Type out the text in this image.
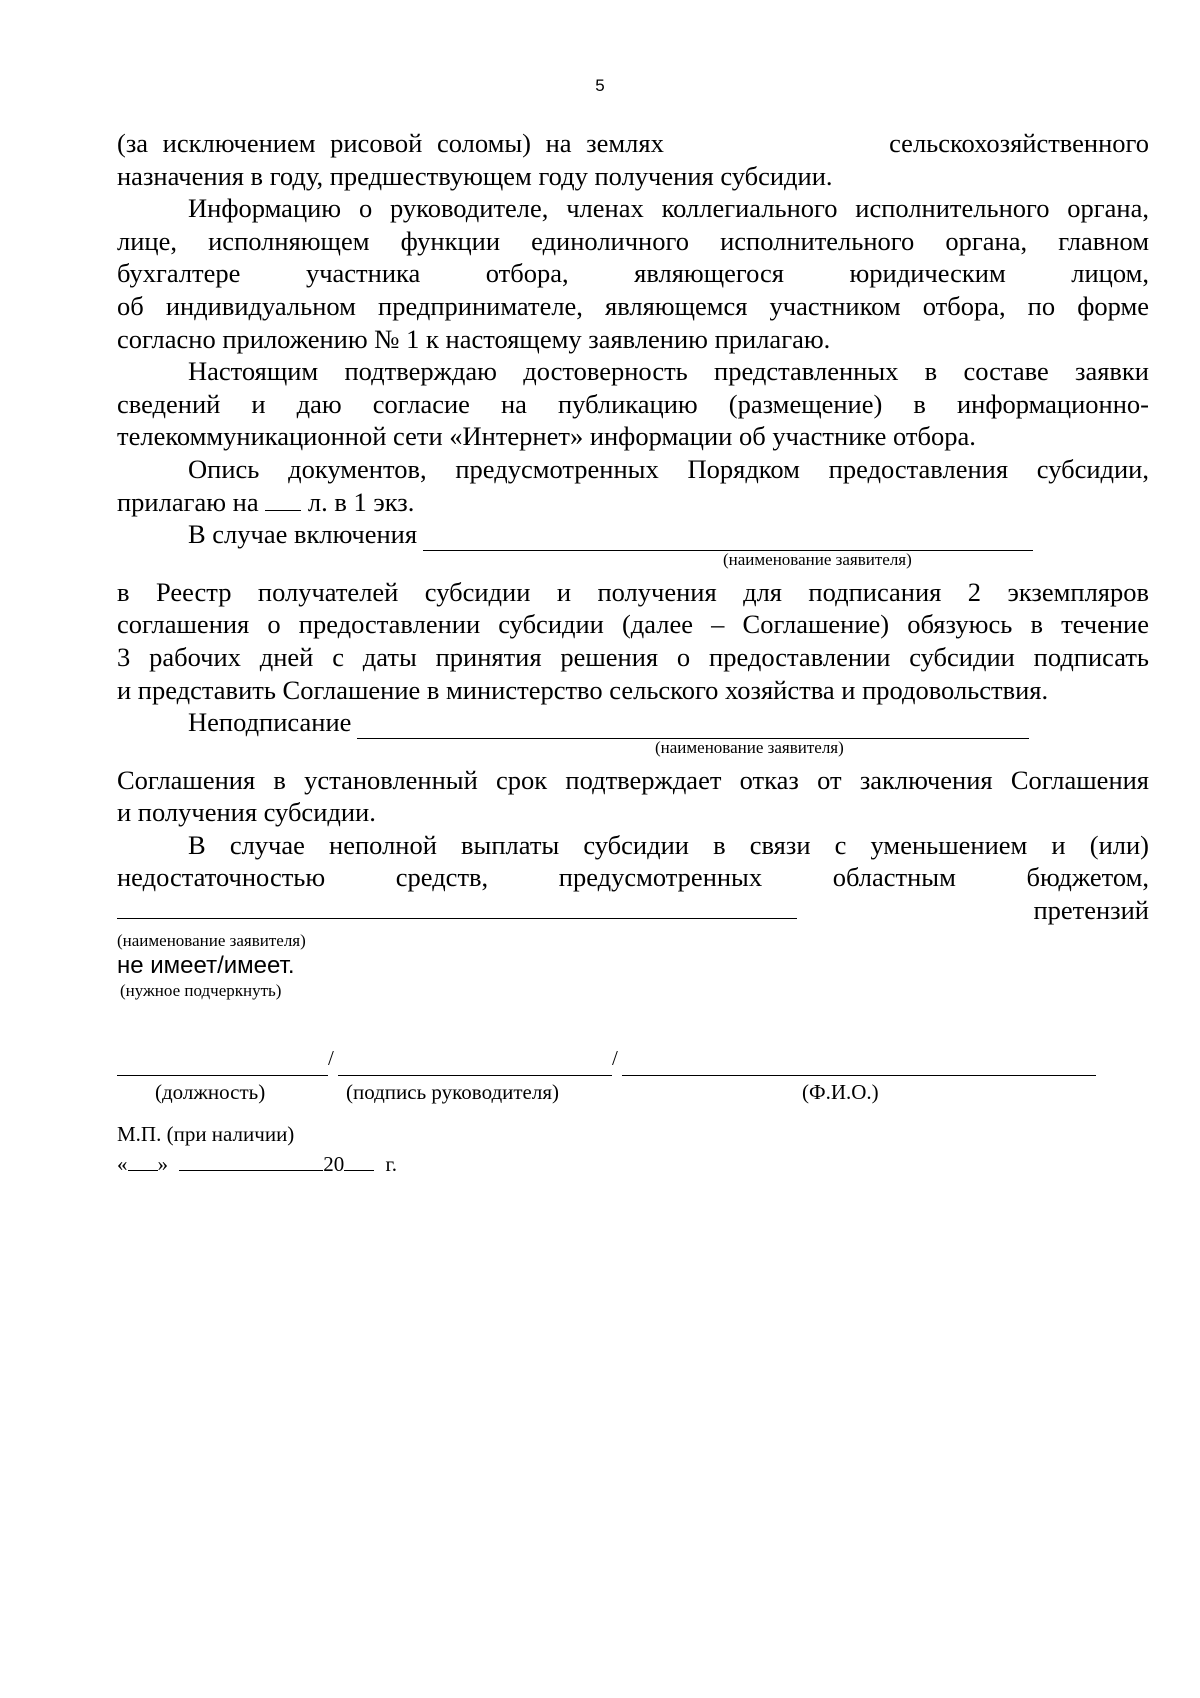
5
(за исключением рисовой соломы) на землях	сельскохозяйственного
назначения в году, предшествующем году получения субсидии.
Информацию о руководителе, членах коллегиального исполнительного органа,
лице, исполняющем функции единоличного исполнительного органа, главном
бухгалтере участника отбора, являющегося юридическим лицом,
об индивидуальном предпринимателе, являющемся участником отбора, по форме
согласно приложению № 1 к настоящему заявлению прилагаю.
Настоящим подтверждаю достоверность представленных в составе заявки
сведений и даю согласие на публикацию (размещение) в информационно-
телекоммуникационной сети «Интернет» информации об участнике отбора.
Опись документов, предусмотренных Порядком предоставления субсидии,
прилагаю на л. в 1 экз.
В случае включения
(наименование заявителя)
в Реестр получателей субсидии и получения для подписания 2 экземпляров
соглашения о предоставлении субсидии (далее – Соглашение) обязуюсь в течение
3 рабочих дней с даты принятия решения о предоставлении субсидии подписать
и представить Соглашение в министерство сельского хозяйства и продовольствия.
Неподписание
(наименование заявителя)
Соглашения в установленный срок подтверждает отказ от заключения Соглашения
и получения субсидии.
В случае неполной выплаты субсидии в связи с уменьшением и (или)
недостаточностью средств, предусмотренных областным бюджетом,
претензий
(наименование заявителя)
не имеет/имеет.
(нужное подчеркнуть)
/	/
(должность)	(подпись руководителя)	(Ф.И.О.)
М.П. (при наличии)
« »	20 г.
